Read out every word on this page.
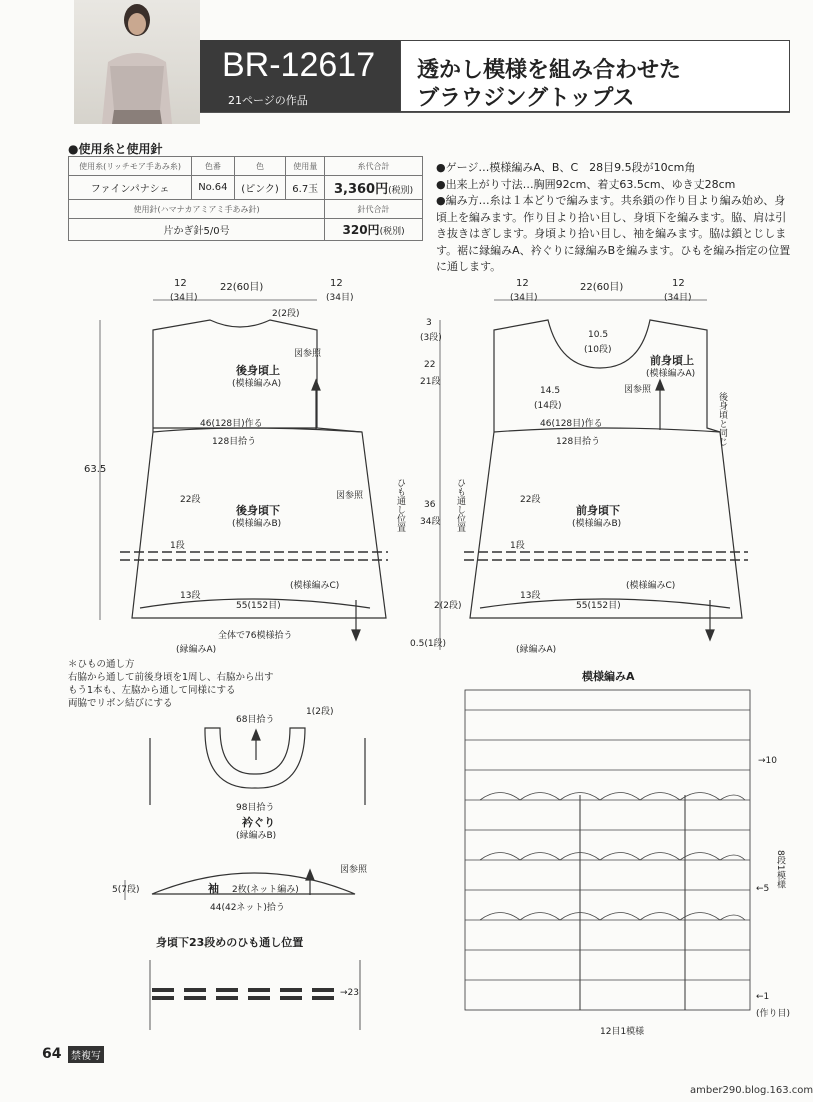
BR-12617
21ページの作品
透かし模様を組み合わせた
ブラウジングトップス
●使用糸と使用針
使用糸(リッチモア手あみ糸)	色番	色	使用量	糸代合計
ファインパナシェ	No.64	(ピンク)	6.7玉	3,360円(税別)
使用針(ハマナカアミアミ手あみ針)				針代合計
片かぎ針5/0号				320円(税別)

●ゲージ…模様編みA、B、C　28目9.5段が10cm角

●出来上がり寸法…胸囲92cm、着丈63.5cm、ゆき丈28cm

●編み方…糸は１本どりで編みます。共糸鎖の作り目より編み始め、身頃上を編みます。作り目より拾い目し、身頃下を編みます。脇、肩は引き抜きはぎします。身頃より拾い目し、袖を編みます。脇は鎖とじします。裾に縁編みA、衿ぐりに縁編みBを編みます。ひもを編み指定の位置に通します。

12
(34目)
22(60目)	12
(34目)
2(2段)
図参照
後身頃上
(模様編みA)
46(128目)作る
128目拾う
22段	図参照
後身頃下
(模様編みB)
1段
(模様編みC)
13段
55(152目)
全体で76模様拾う
(縁編みA)
63.5
3
(3段)
22
21段
36
34段
2(2段)
0.5(1段)
ひも通し位置	ひも通し位置
12
(34目)
22(60目)	12
(34目)
10.5
(10段)
前身頃上
(模様編みA)
14.5
(14段)
図参照
46(128目)作る
128目拾う
22段
前身頃下
(模様編みB)
1段
(模様編みC)
13段
55(152目)
(縁編みA)
後身頃と同じ
＊ひもの通し方
右脇から通して前後身頃を1周し、右脇から出す
もう1本も、左脇から通して同様にする
両脇でリボン結びにする
68目拾う
1(2段)
98目拾う
衿ぐり
(縁編みB)
図参照
5(7段)	袖 2枚(ネット編み)
44(42ネット)拾う
身頃下23段めのひも通し位置
→23
模様編みA
→10
←5
←1
(作り目)
8段1模様
12目1模様
64 禁複写
amber290.blog.163.com
